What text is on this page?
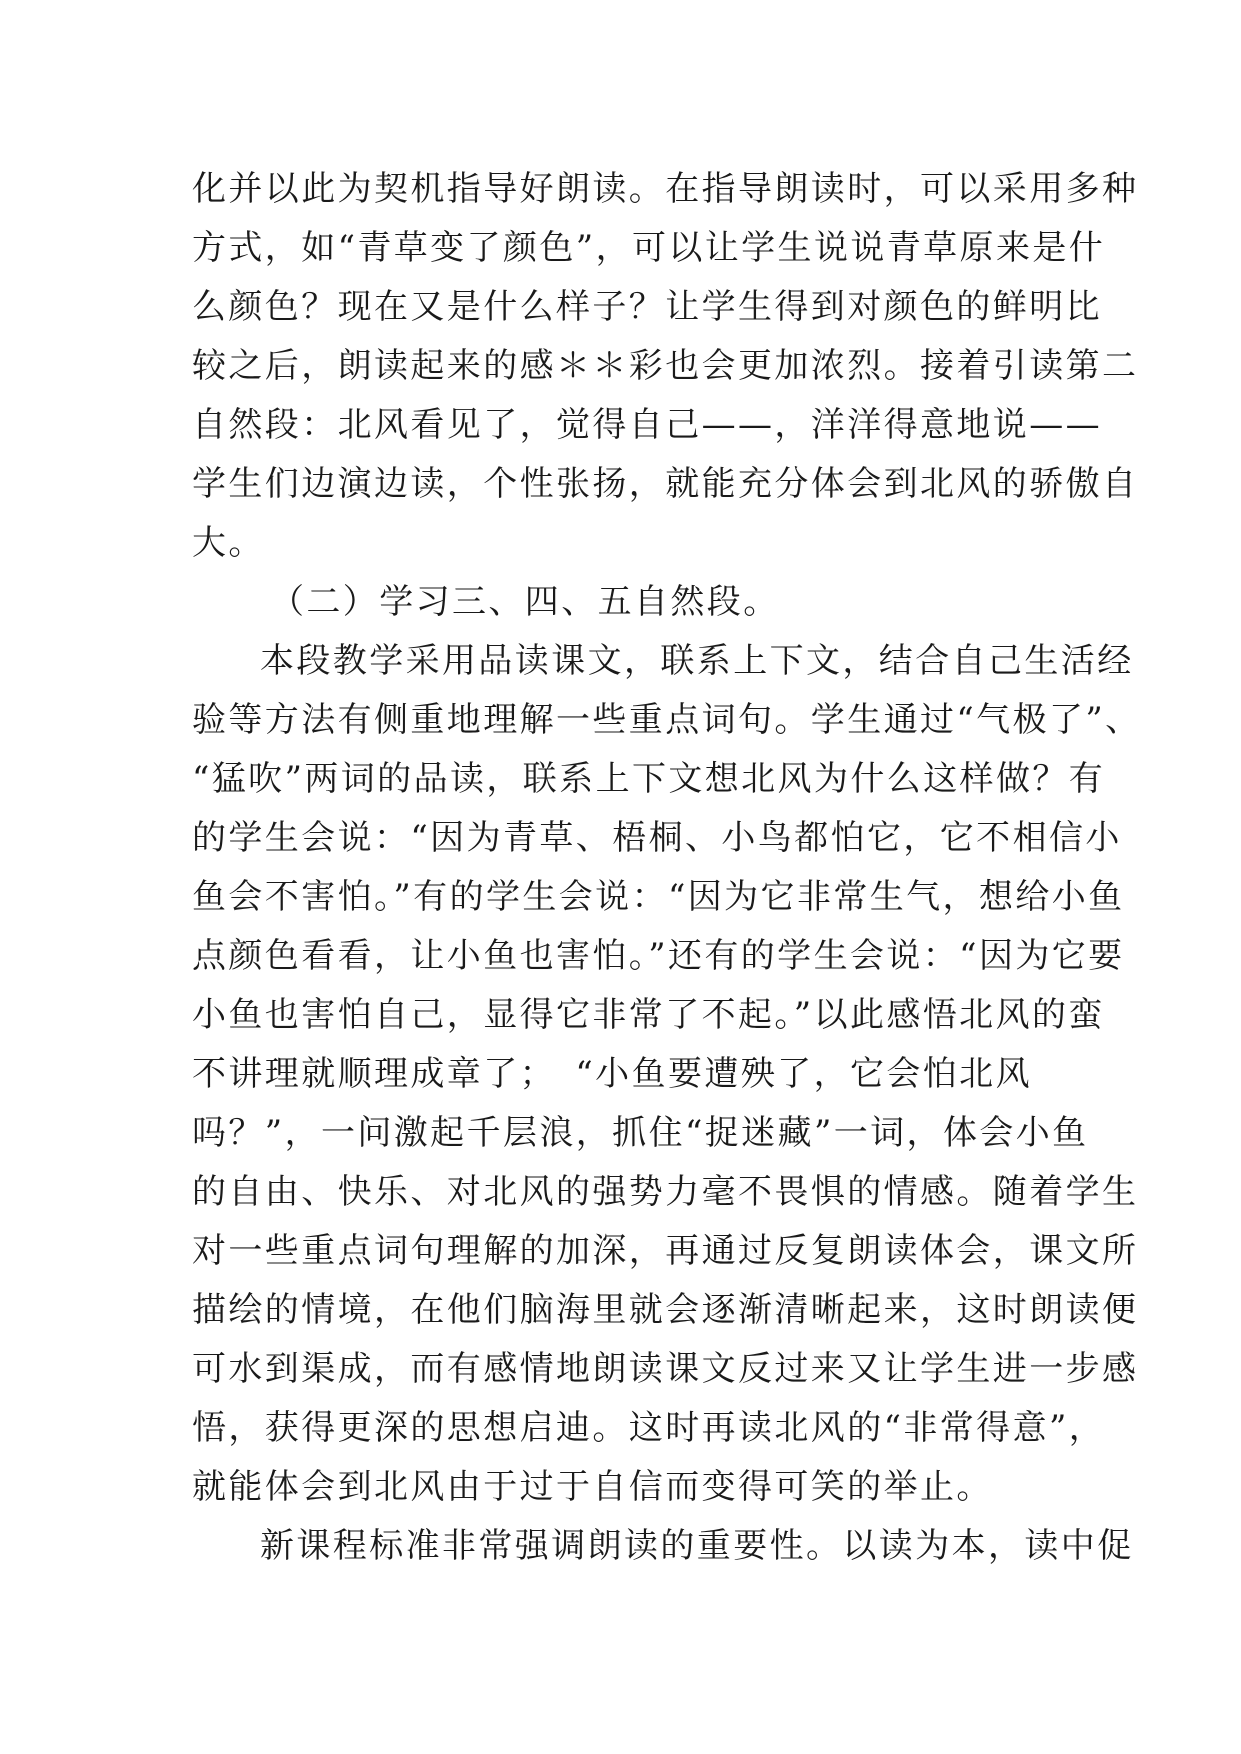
化并以此为契机指导好朗读。在指导朗读时，可以采用多种
方式，如“青草变了颜色”，可以让学生说说青草原来是什
么颜色？现在又是什么样子？让学生得到对颜色的鲜明比
较之后，朗读起来的感＊＊彩也会更加浓烈。接着引读第二
自然段：北风看见了，觉得自己——，洋洋得意地说——
学生们边演边读，个性张扬，就能充分体会到北风的骄傲自
大。
（二）学习三、四、五自然段。
本段教学采用品读课文，联系上下文，结合自己生活经
验等方法有侧重地理解一些重点词句。学生通过“气极了”、
“猛吹”两词的品读，联系上下文想北风为什么这样做？有
的学生会说：“因为青草、梧桐、小鸟都怕它，它不相信小
鱼会不害怕。”有的学生会说：“因为它非常生气，想给小鱼
点颜色看看，让小鱼也害怕。”还有的学生会说：“因为它要
小鱼也害怕自己，显得它非常了不起。”以此感悟北风的蛮
不讲理就顺理成章了；　“小鱼要遭殃了，它会怕北风
吗？”，一问激起千层浪，抓住“捉迷藏”一词，体会小鱼
的自由、快乐、对北风的强势力毫不畏惧的情感。随着学生
对一些重点词句理解的加深，再通过反复朗读体会，课文所
描绘的情境，在他们脑海里就会逐渐清晰起来，这时朗读便
可水到渠成，而有感情地朗读课文反过来又让学生进一步感
悟，获得更深的思想启迪。这时再读北风的“非常得意”，
就能体会到北风由于过于自信而变得可笑的举止。
新课程标准非常强调朗读的重要性。以读为本，读中促
